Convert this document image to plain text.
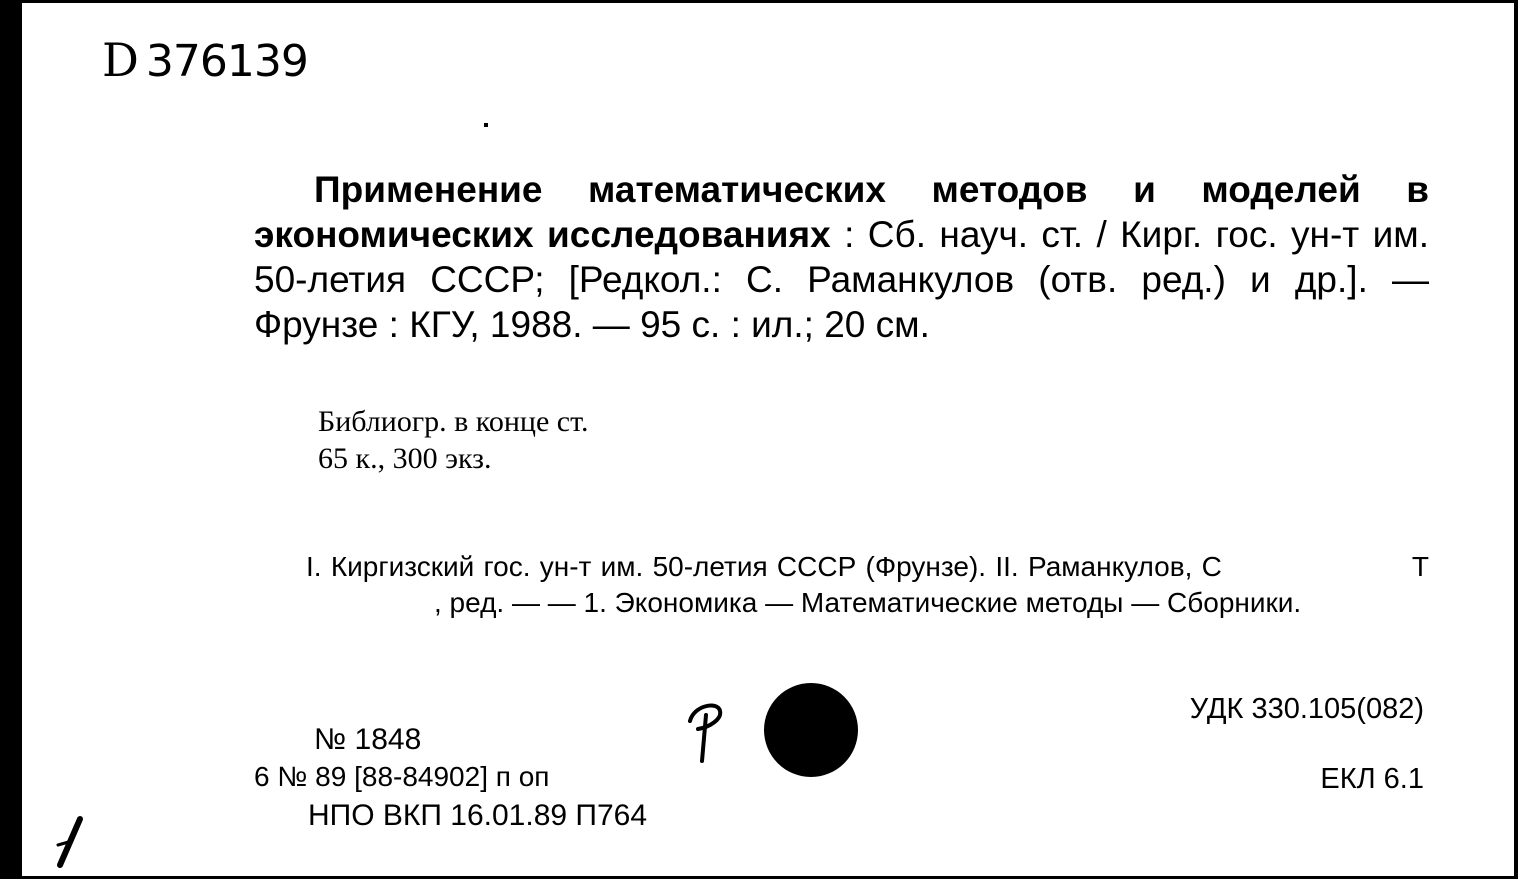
D 376139
Применение математических методов и моделей в экономических исследованиях : Сб. науч. ст. / Кирг. гос. ун-т им. 50-летия СССР; [Редкол.: С. Раманкулов (отв. ред.) и др.]. — Фрунзе : КГУ, 1988. — 95 с. : ил.; 20 см.
Библиогр. в конце ст.
65 к., 300 экз.
I. Киргизский гос. ун-т им. 50-летия СССР (Фрунзе). II. Раманкулов, С	Т, ред. — — 1. Экономика — Математические методы — Сборники.
УДК 330.105(082)
ЕКЛ 6.1
№ 1848
6 № 89 [88-84902] п оп
НПО ВКП 16.01.89 П764
